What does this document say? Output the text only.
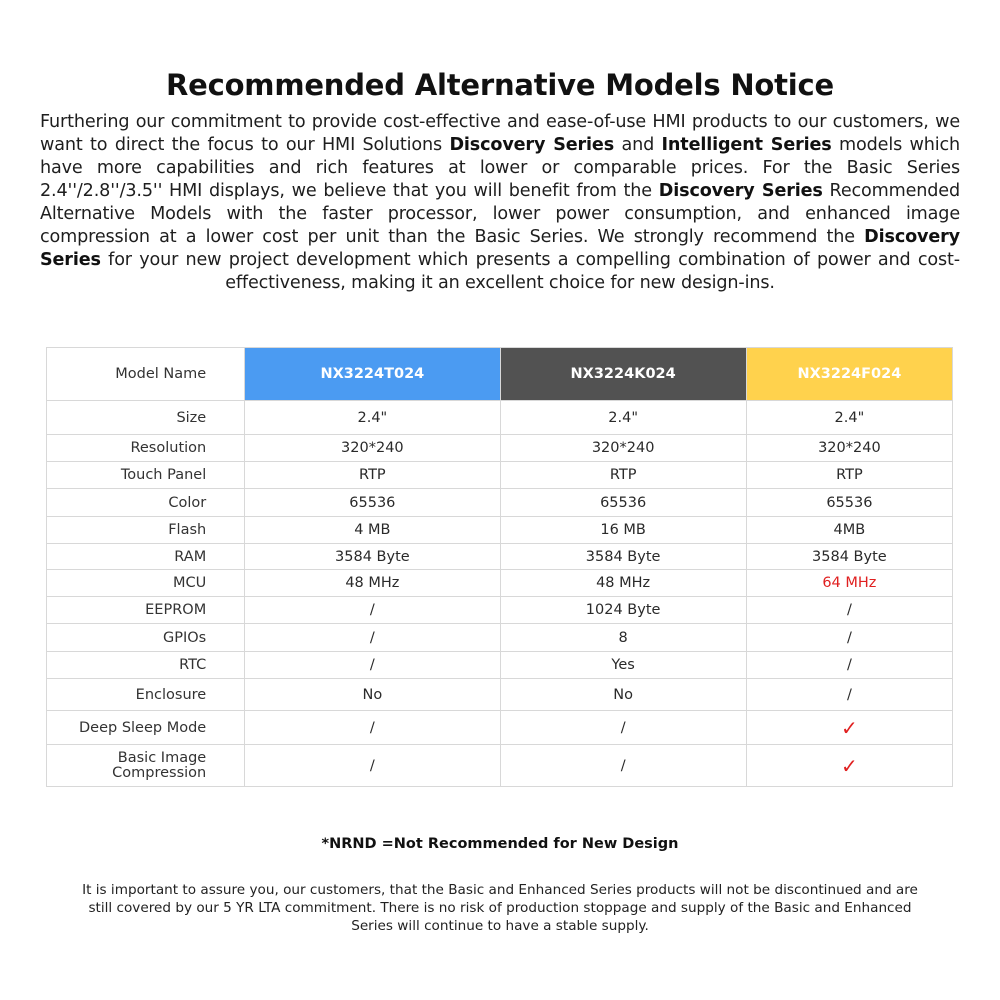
Recommended Alternative Models Notice
Furthering our commitment to provide cost-effective and ease-of-use HMI products to our customers, we want to direct the focus to our HMI Solutions Discovery Series and Intelligent Series models which have more capabilities and rich features at lower or comparable prices. For the Basic Series 2.4''/2.8''/3.5'' HMI displays, we believe that you will benefit from the Discovery Series Recommended Alternative Models with the faster processor, lower power consumption, and enhanced image compression at a lower cost per unit than the Basic Series. We strongly recommend the Discovery Series for your new project development which presents a compelling combination of power and cost-effectiveness, making it an excellent choice for new design-ins.
Model Name	NX3224T024	NX3224K024	NX3224F024
Size	2.4"	2.4"	2.4"
Resolution	320*240	320*240	320*240
Touch Panel	RTP	RTP	RTP
Color	65536	65536	65536
Flash	4 MB	16 MB	4MB
RAM	3584 Byte	3584 Byte	3584 Byte
MCU	48 MHz	48 MHz	64 MHz
EEPROM	/	1024 Byte	/
GPIOs	/	8	/
RTC	/	Yes	/
Enclosure	No	No	/
Deep Sleep Mode	/	/	✓
Basic Image Compression	/	/	✓
*NRND =Not Recommended for New Design
It is important to assure you, our customers, that the Basic and Enhanced Series products will not be discontinued and are still covered by our 5 YR LTA commitment. There is no risk of production stoppage and supply of the Basic and Enhanced Series will continue to have a stable supply.
